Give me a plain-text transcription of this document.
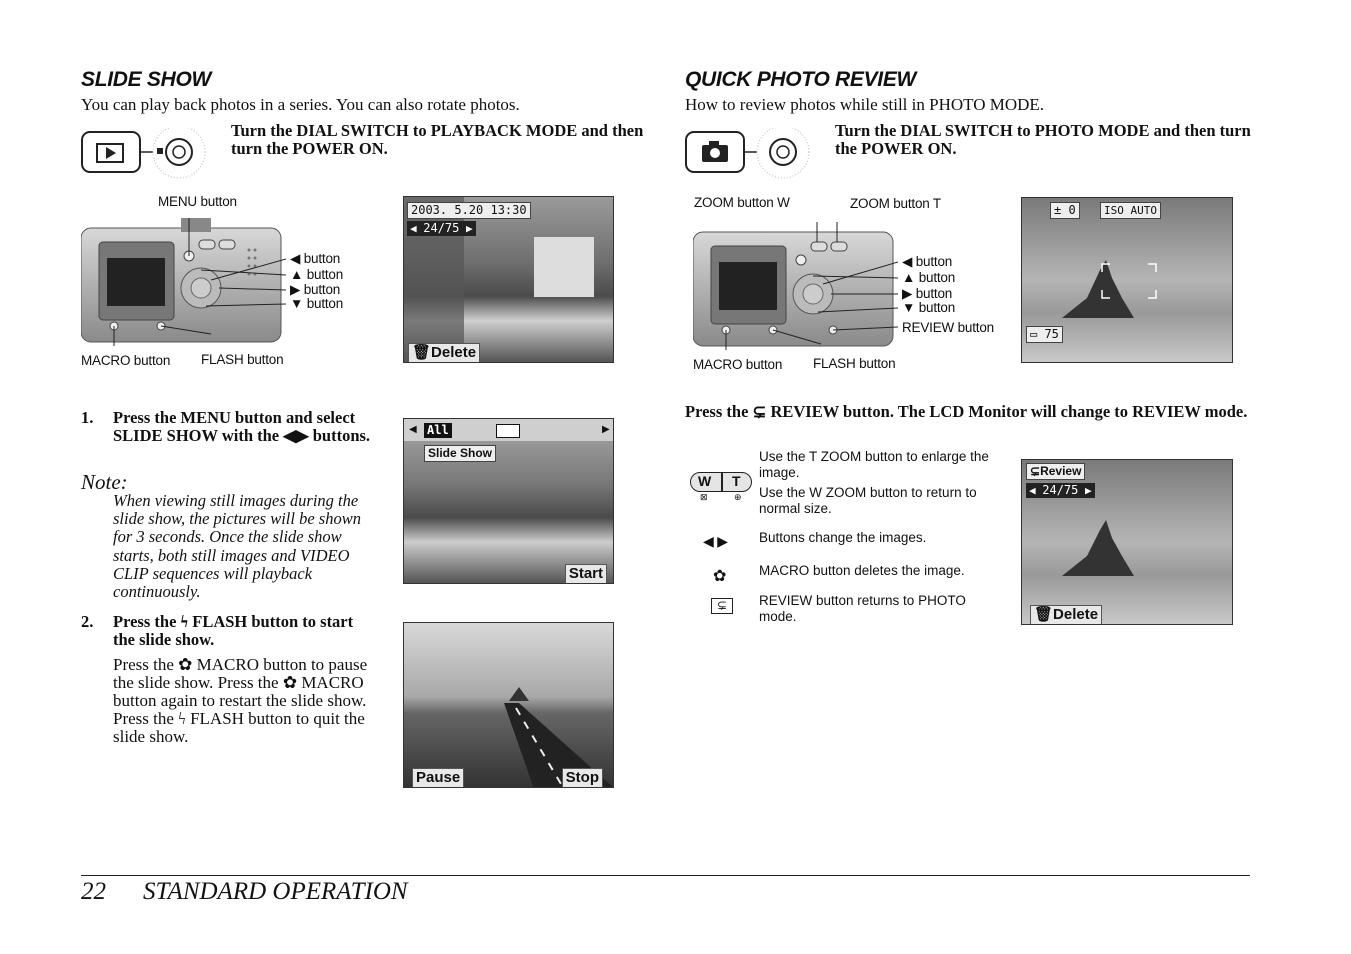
SLIDE SHOW
You can play back photos in a series. You can also rotate photos.
Turn the DIAL SWITCH to PLAYBACK MODE and then turn the POWER ON.
MENU button
◀ button
▲ button
▶ button
▼ button
MACRO button FLASH button
2003. 5.20 13:30
◀ 24/75 ▶
🗑Delete
1. Press the MENU button and select SLIDE SHOW with the ◀▶ buttons.
Note:
When viewing still images during the slide show, the pictures will be shown for 3 seconds. Once the slide show starts, both still images and VIDEO CLIP sequences will playback continuously.
◀	▶
All
Slide Show
Start
2. Press the ϟ FLASH button to start the slide show.
Press the ✿ MACRO button to pause the slide show. Press the ✿ MACRO button again to restart the slide show. Press the ϟ FLASH button to quit the slide show.
Pause	Stop
QUICK PHOTO REVIEW
How to review photos while still in PHOTO MODE.
Turn the DIAL SWITCH to PHOTO MODE and then turn the POWER ON.
ZOOM button W	ZOOM button T
◀ button
▲ button
▶ button
▼ button
REVIEW button
MACRO button FLASH button
± 0	ISO AUTO
▭ 75
Press the ⊊ REVIEW button. The LCD Monitor will change to REVIEW mode.
W T
⊠	⊕
Use the T ZOOM button to enlarge the image.
Use the W ZOOM button to return to normal size.
◀ ▶ Buttons change the images.
✿ MACRO button deletes the image.
⊊	REVIEW button returns to PHOTO mode.
⊊Review
◀ 24/75 ▶
🗑Delete
22 STANDARD OPERATION
